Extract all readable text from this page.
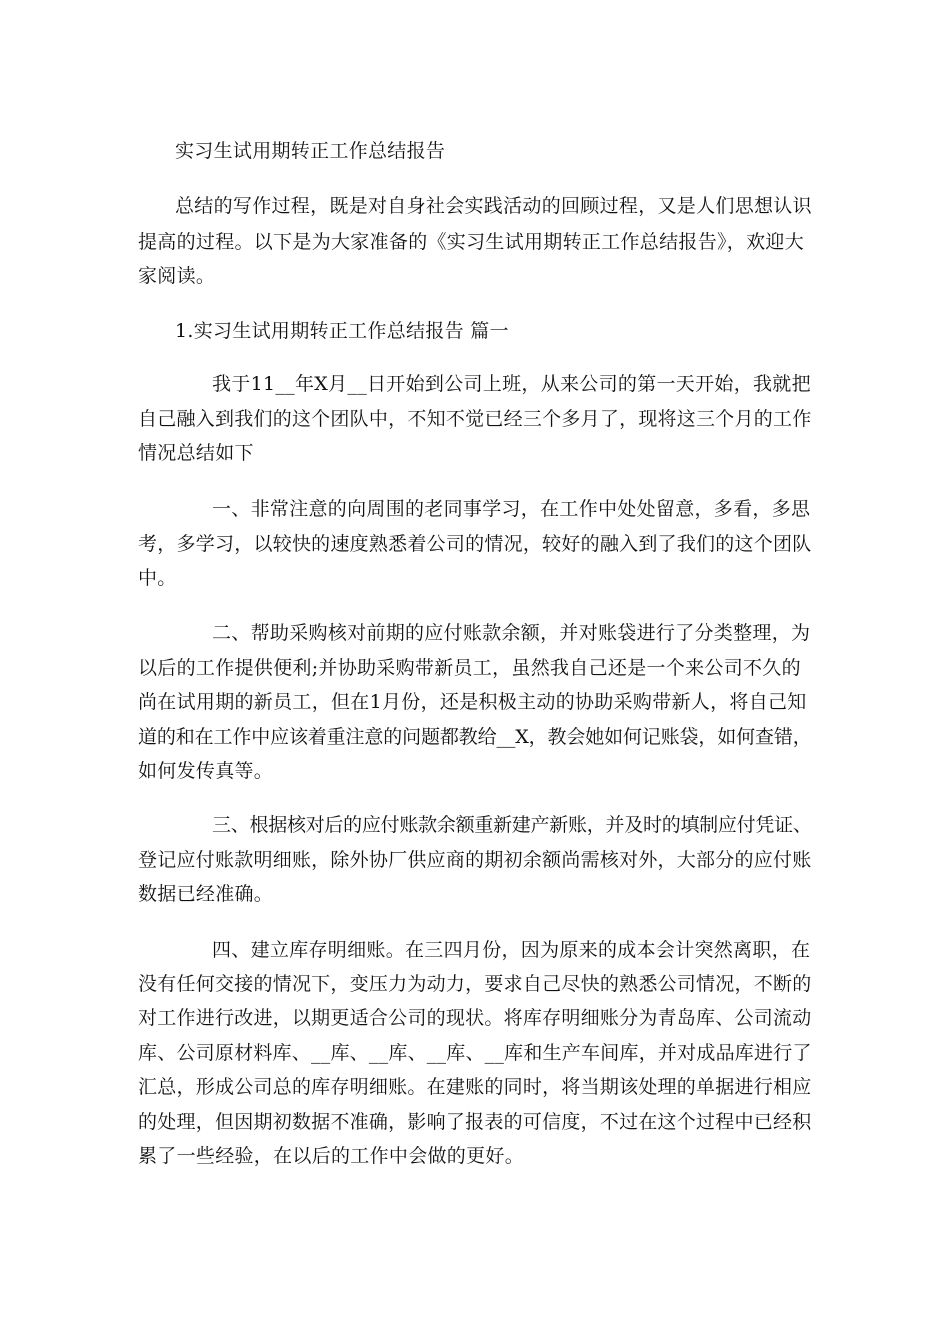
实习生试用期转正工作总结报告
总结的写作过程，既是对自身社会实践活动的回顾过程，又是人们思想认识
提高的过程。以下是为大家准备的《实习生试用期转正工作总结报告》，欢迎大
家阅读。
1.实习生试用期转正工作总结报告 篇一
我于11__年X月__日开始到公司上班，从来公司的第一天开始，我就把
自己融入到我们的这个团队中，不知不觉已经三个多月了，现将这三个月的工作
情况总结如下
一、非常注意的向周围的老同事学习，在工作中处处留意，多看，多思
考，多学习，以较快的速度熟悉着公司的情况，较好的融入到了我们的这个团队
中。
二、帮助采购核对前期的应付账款余额，并对账袋进行了分类整理，为
以后的工作提供便利;并协助采购带新员工，虽然我自己还是一个来公司不久的
尚在试用期的新员工，但在1月份，还是积极主动的协助采购带新人，将自己知
道的和在工作中应该着重注意的问题都教给__X，教会她如何记账袋，如何查错，
如何发传真等。
三、根据核对后的应付账款余额重新建产新账，并及时的填制应付凭证、
登记应付账款明细账，除外协厂供应商的期初余额尚需核对外，大部分的应付账
数据已经准确。
四、建立库存明细账。在三四月份，因为原来的成本会计突然离职，在
没有任何交接的情况下，变压力为动力，要求自己尽快的熟悉公司情况，不断的
对工作进行改进，以期更适合公司的现状。将库存明细账分为青岛库、公司流动
库、公司原材料库、__库、__库、__库、__库和生产车间库，并对成品库进行了
汇总，形成公司总的库存明细账。在建账的同时，将当期该处理的单据进行相应
的处理，但因期初数据不准确，影响了报表的可信度，不过在这个过程中已经积
累了一些经验，在以后的工作中会做的更好。
